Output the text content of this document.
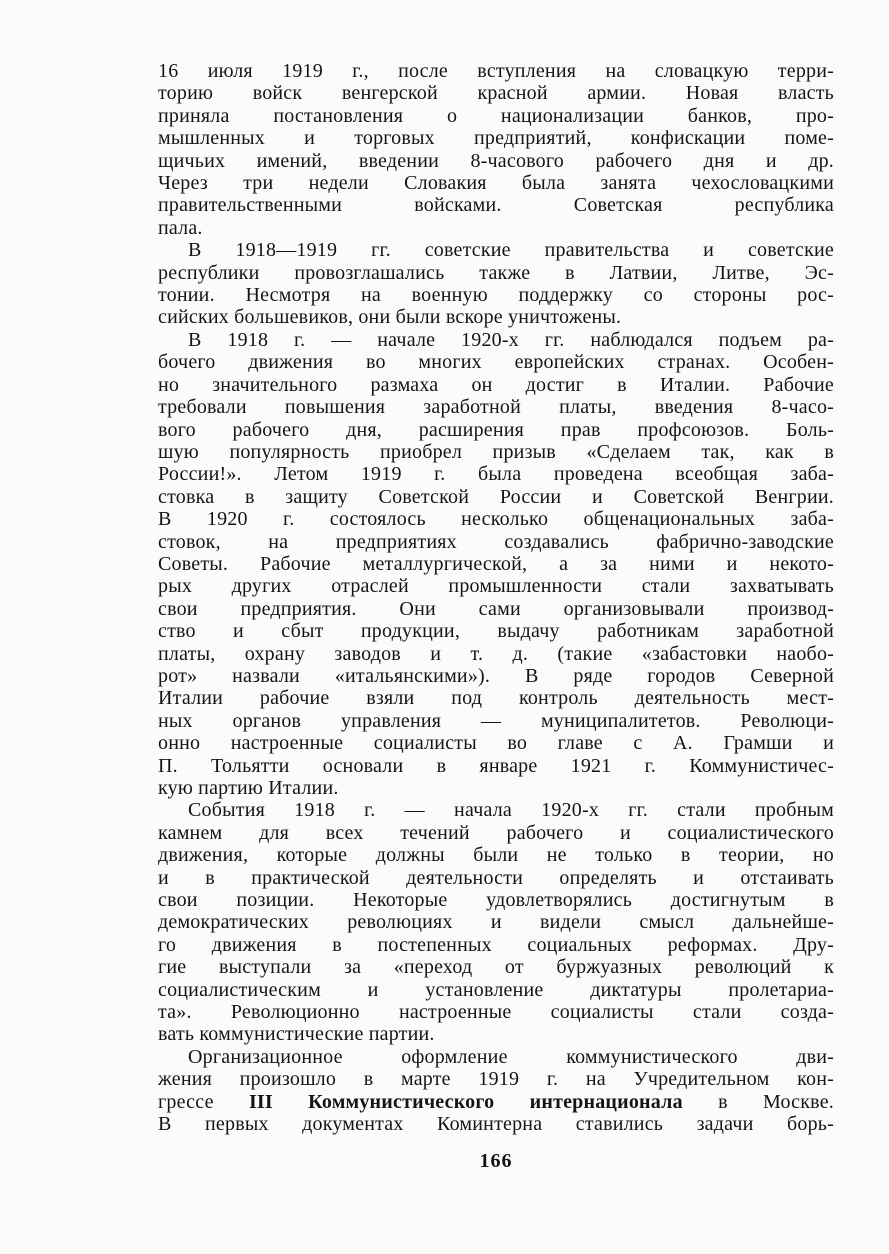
16 июля 1919 г., после вступления на словацкую терри-
торию войск венгерской красной армии. Новая власть
приняла постановления о национализации банков, про-
мышленных и торговых предприятий, конфискации поме-
щичьих имений, введении 8-часового рабочего дня и др.
Через три недели Словакия была занята чехословацкими
правительственными войсками. Советская республика
пала.
В 1918—1919 гг. советские правительства и советские
республики провозглашались также в Латвии, Литве, Эс-
тонии. Несмотря на военную поддержку со стороны рос-
сийских большевиков, они были вскоре уничтожены.
В 1918 г. — начале 1920-х гг. наблюдался подъем ра-
бочего движения во многих европейских странах. Особен-
но значительного размаха он достиг в Италии. Рабочие
требовали повышения заработной платы, введения 8-часо-
вого рабочего дня, расширения прав профсоюзов. Боль-
шую популярность приобрел призыв «Сделаем так, как в
России!». Летом 1919 г. была проведена всеобщая заба-
стовка в защиту Советской России и Советской Венгрии.
В 1920 г. состоялось несколько общенациональных заба-
стовок, на предприятиях создавались фабрично-заводские
Советы. Рабочие металлургической, а за ними и некото-
рых других отраслей промышленности стали захватывать
свои предприятия. Они сами организовывали производ-
ство и сбыт продукции, выдачу работникам заработной
платы, охрану заводов и т. д. (такие «забастовки наобо-
рот» назвали «итальянскими»). В ряде городов Северной
Италии рабочие взяли под контроль деятельность мест-
ных органов управления — муниципалитетов. Революци-
онно настроенные социалисты во главе с А. Грамши и
П. Тольятти основали в январе 1921 г. Коммунистичес-
кую партию Италии.
События 1918 г. — начала 1920-х гг. стали пробным
камнем для всех течений рабочего и социалистического
движения, которые должны были не только в теории, но
и в практической деятельности определять и отстаивать
свои позиции. Некоторые удовлетворялись достигнутым в
демократических революциях и видели смысл дальнейше-
го движения в постепенных социальных реформах. Дру-
гие выступали за «переход от буржуазных революций к
социалистическим и установление диктатуры пролетариа-
та». Революционно настроенные социалисты стали созда-
вать коммунистические партии.
Организационное оформление коммунистического дви-
жения произошло в марте 1919 г. на Учредительном кон-
грессе III Коммунистического интернационала в Москве.
В первых документах Коминтерна ставились задачи борь-
166
